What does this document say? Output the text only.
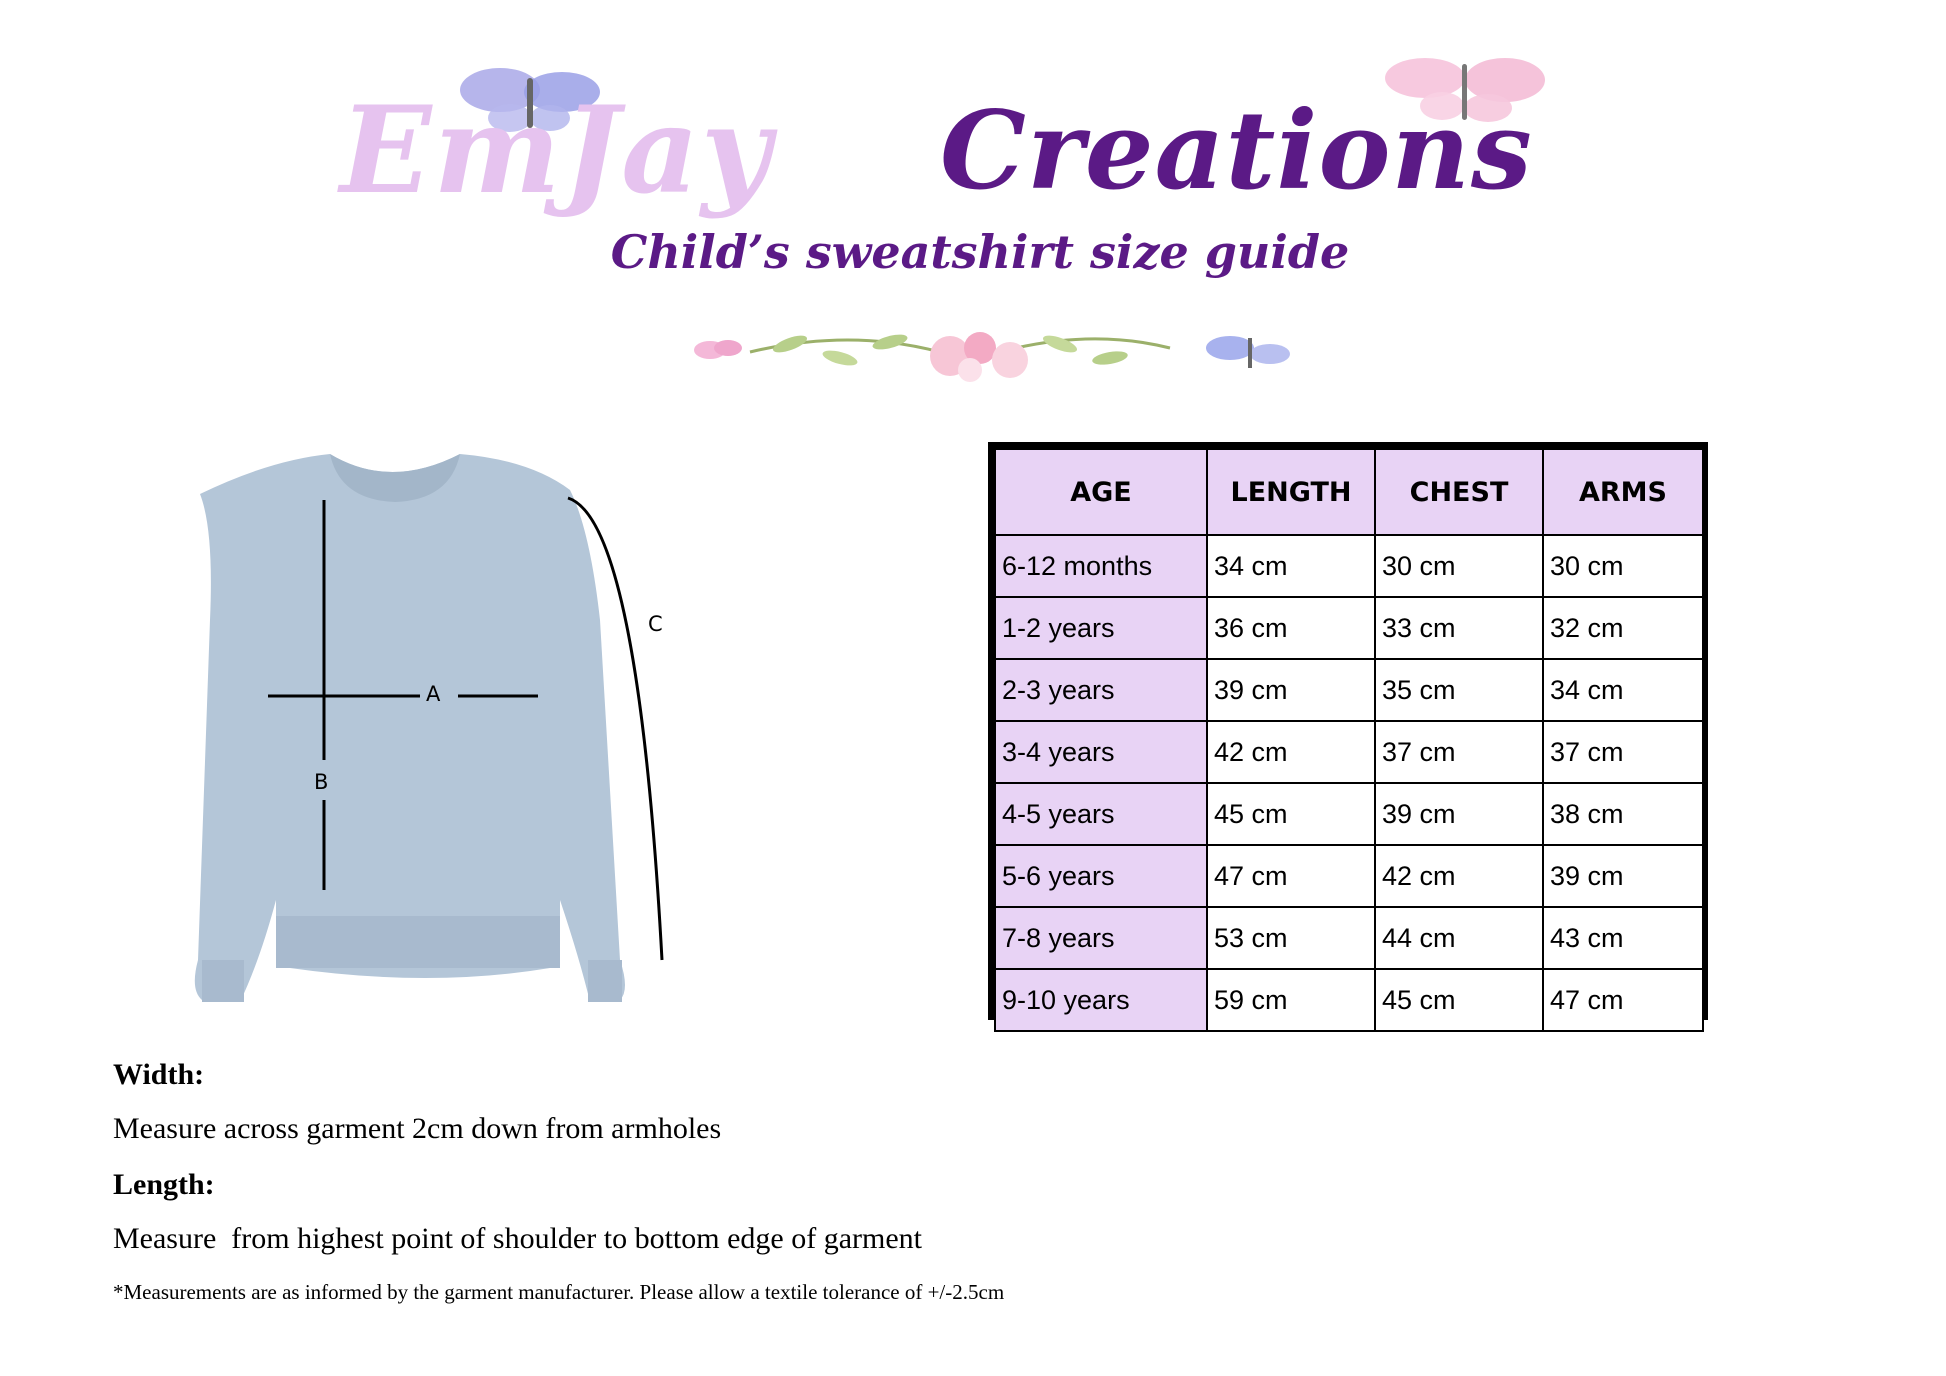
EmJay Creations
Child’s sweatshirt size guide
A
B
C
AGE	LENGTH	CHEST	ARMS
6-12 months	34 cm	30 cm	30 cm
1-2 years	36 cm	33 cm	32 cm
2-3 years	39 cm	35 cm	34 cm
3-4 years	42 cm	37 cm	37 cm
4-5 years	45 cm	39 cm	38 cm
5-6 years	47 cm	42 cm	39 cm
7-8 years	53 cm	44 cm	43 cm
9-10 years	59 cm	45 cm	47 cm
Width:
Measure across garment 2cm down from armholes
Length:
Measure  from highest point of shoulder to bottom edge of garment
*Measurements are as informed by the garment manufacturer. Please allow a textile tolerance of +/-2.5cm
